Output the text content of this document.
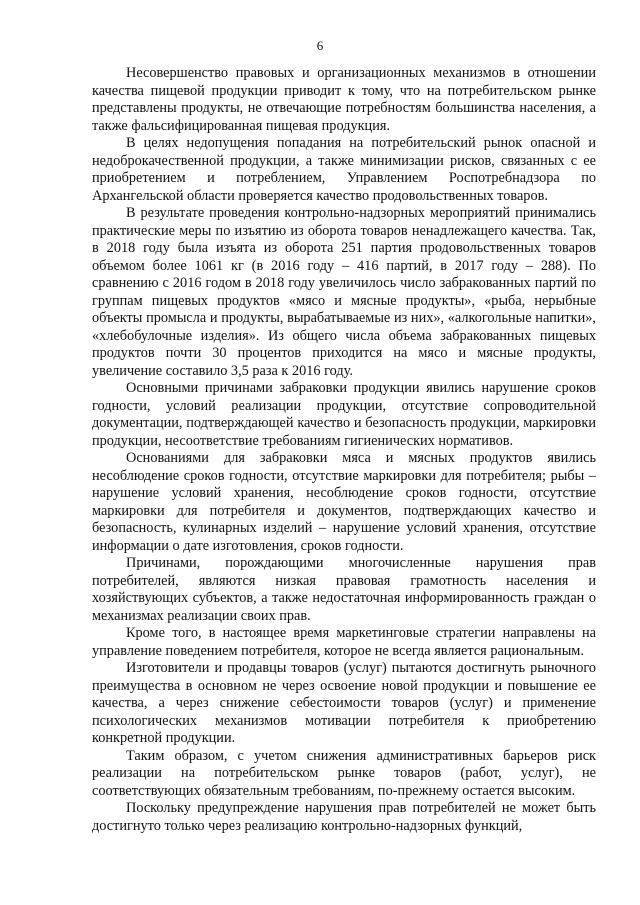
6

Несовершенство правовых и организационных механизмов в отношении качества пищевой продукции приводит к тому, что на потребительском рынке представлены продукты, не отвечающие потребностям большинства населения, а также фальсифицированная пищевая продукция.

В целях недопущения попадания на потребительский рынок опасной и недоброкачественной продукции, а также минимизации рисков, связанных с ее приобретением и потреблением, Управлением Роспотребнадзора по Архангельской области проверяется качество продовольственных товаров.

В результате проведения контрольно-надзорных мероприятий принимались практические меры по изъятию из оборота товаров ненадлежащего качества. Так, в 2018 году была изъята из оборота 251 партия продовольственных товаров объемом более 1061 кг (в 2016 году – 416 партий, в 2017 году – 288). По сравнению с 2016 годом в 2018 году увеличилось число забракованных партий по группам пищевых продуктов «мясо и мясные продукты», «рыба, нерыбные объекты промысла и продукты, вырабатываемые из них», «алкогольные напитки», «хлебобулочные изделия». Из общего числа объема забракованных пищевых продуктов почти 30 процентов приходится на мясо и мясные продукты, увеличение составило 3,5 раза к 2016 году.

Основными причинами забраковки продукции явились нарушение сроков годности, условий реализации продукции, отсутствие сопроводительной документации, подтверждающей качество и безопасность продукции, маркировки продукции, несоответствие требованиям гигиенических нормативов.

Основаниями для забраковки мяса и мясных продуктов явились несоблюдение сроков годности, отсутствие маркировки для потребителя; рыбы – нарушение условий хранения, несоблюдение сроков годности, отсутствие маркировки для потребителя и документов, подтверждающих качество и безопасность, кулинарных изделий – нарушение условий хранения, отсутствие информации о дате изготовления, сроков годности.

Причинами, порождающими многочисленные нарушения прав потребителей, являются низкая правовая грамотность населения и хозяйствующих субъектов, а также недостаточная информированность граждан о механизмах реализации своих прав.

Кроме того, в настоящее время маркетинговые стратегии направлены на управление поведением потребителя, которое не всегда является рациональным.

Изготовители и продавцы товаров (услуг) пытаются достигнуть рыночного преимущества в основном не через освоение новой продукции и повышение ее качества, а через снижение себестоимости товаров (услуг) и применение психологических механизмов мотивации потребителя к приобретению конкретной продукции.

Таким образом, с учетом снижения административных барьеров риск реализации на потребительском рынке товаров (работ, услуг), не соответствующих обязательным требованиям, по-прежнему остается высоким.

Поскольку предупреждение нарушения прав потребителей не может быть достигнуто только через реализацию контрольно-надзорных функций,
